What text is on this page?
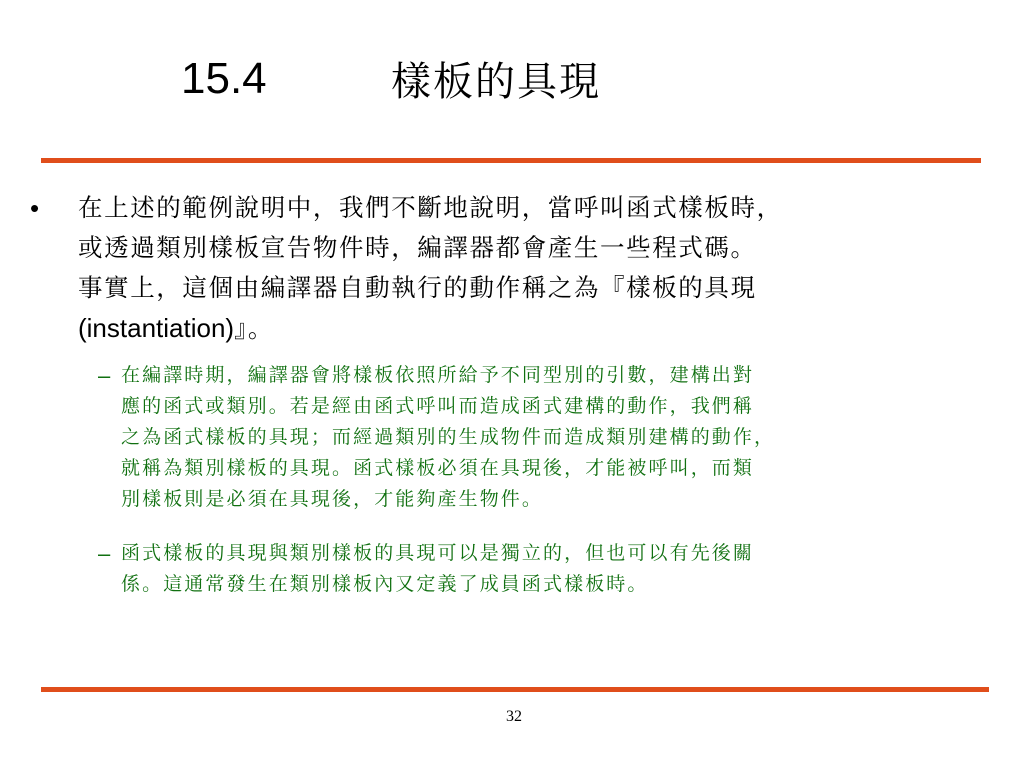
15.4	樣板的具現
• 在上述的範例說明中，我們不斷地說明，當呼叫函式樣板時，
或透過類別樣板宣告物件時，編譯器都會產生一些程式碼。
事實上，這個由編譯器自動執行的動作稱之為『樣板的具現
(instantiation)』。
– 在編譯時期，編譯器會將樣板依照所給予不同型別的引數，建構出對
應的函式或類別。若是經由函式呼叫而造成函式建構的動作，我們稱
之為函式樣板的具現；而經過類別的生成物件而造成類別建構的動作，
就稱為類別樣板的具現。函式樣板必須在具現後，才能被呼叫，而類
別樣板則是必須在具現後，才能夠產生物件。
– 函式樣板的具現與類別樣板的具現可以是獨立的，但也可以有先後關
係。這通常發生在類別樣板內又定義了成員函式樣板時。
32
